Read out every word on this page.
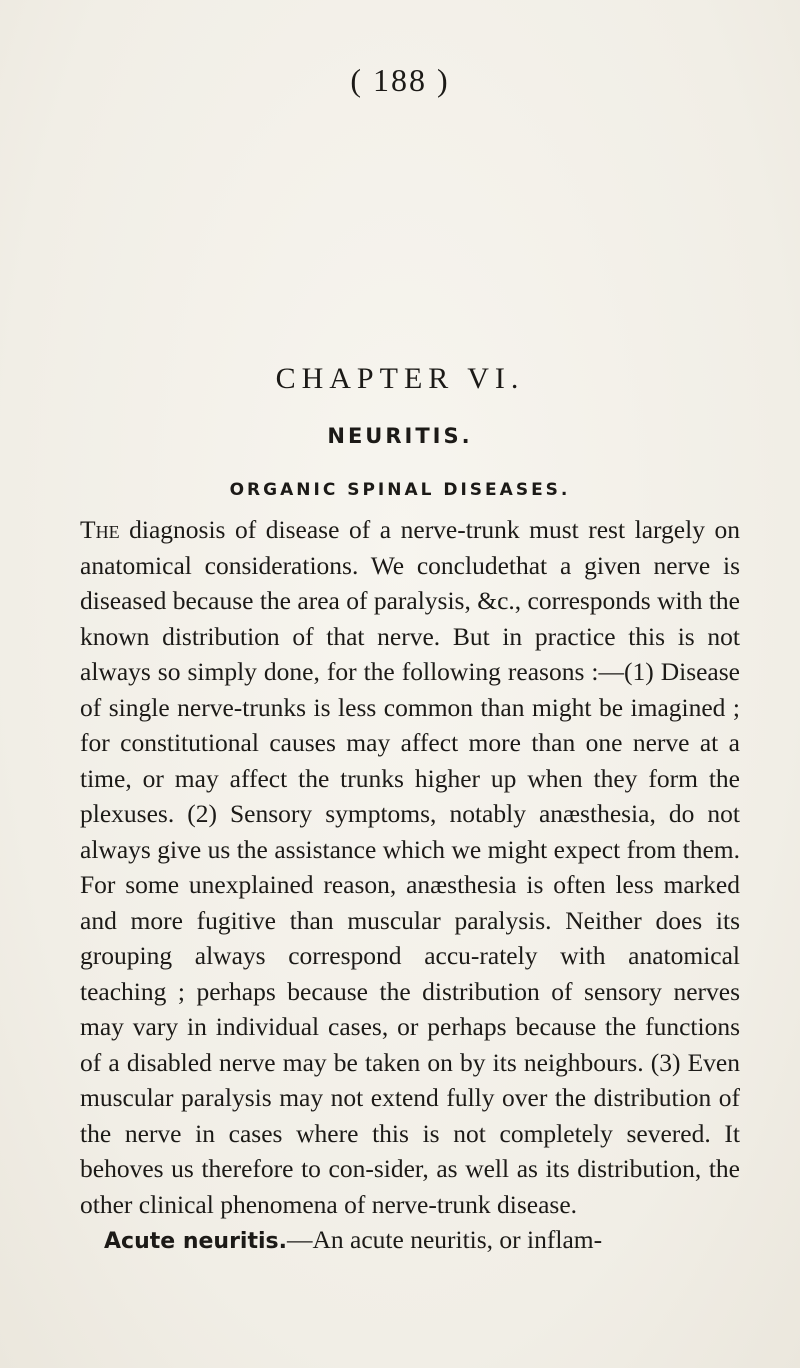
( 188 )
CHAPTER VI.
NEURITIS.
ORGANIC SPINAL DISEASES.

The diagnosis of disease of a nerve-trunk must rest largely on anatomical considerations. We concludethat a given nerve is diseased because the area of paralysis, &c., corresponds with the known distribution of that nerve. But in practice this is not always so simply done, for the following reasons :—(1) Disease of single nerve-trunks is less common than might be imagined ; for constitutional causes may affect more than one nerve at a time, or may affect the trunks higher up when they form the plexuses. (2) Sensory symptoms, notably anæsthesia, do not always give us the assistance which we might expect from them. For some unexplained reason, anæsthesia is often less marked and more fugitive than muscular paralysis. Neither does its grouping always correspond accu-rately with anatomical teaching ; perhaps because the distribution of sensory nerves may vary in individual cases, or perhaps because the functions of a disabled nerve may be taken on by its neighbours. (3) Even muscular paralysis may not extend fully over the distribution of the nerve in cases where this is not completely severed. It behoves us therefore to con-sider, as well as its distribution, the other clinical phenomena of nerve-trunk disease.

Acute neuritis.—An acute neuritis, or inflam-
